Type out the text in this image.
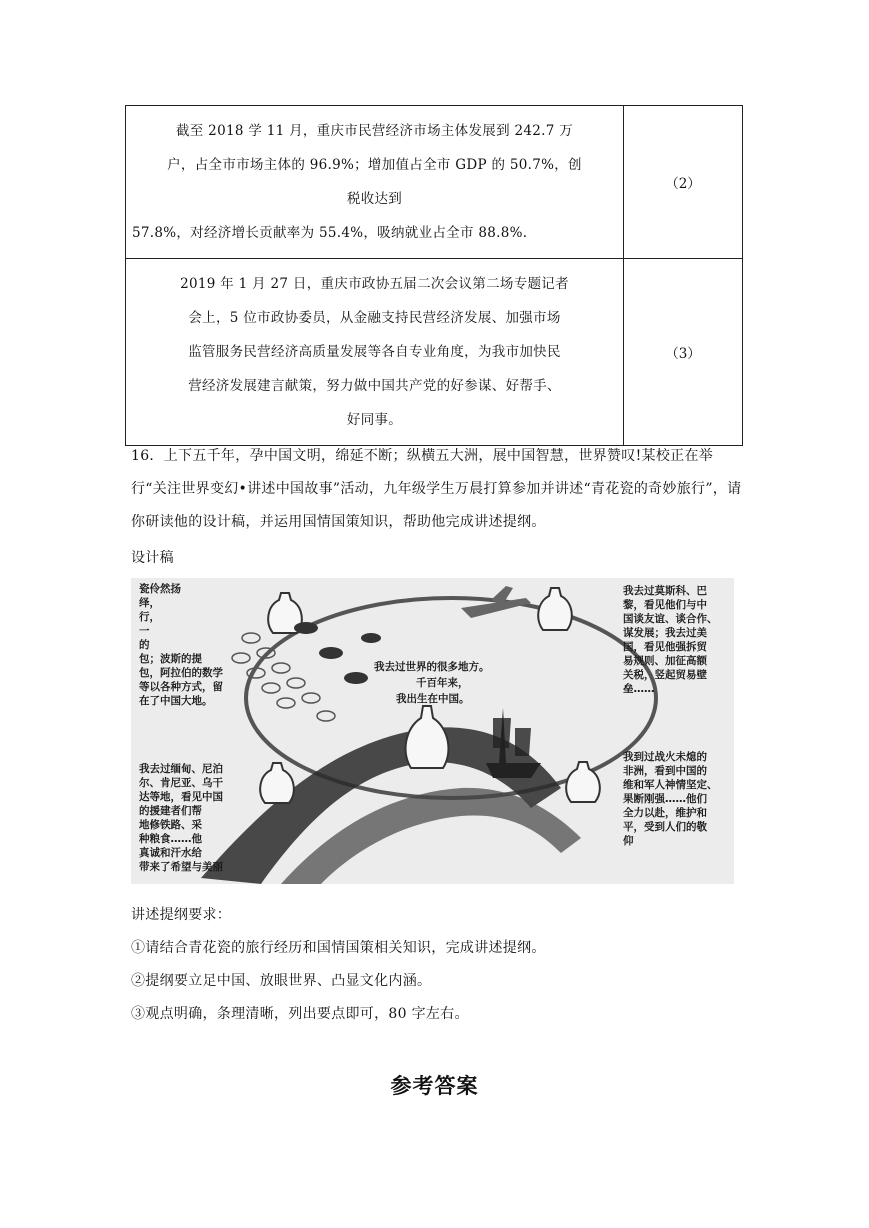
截至 2018 学 11 月，重庆市民营经济市场主体发展到 242.7 万
户，占全市市场主体的 96.9%；增加值占全市 GDP 的 50.7%，创
税收达到
57.8%，对经济增长贡献率为 55.4%，吸纳就业占全市 88.8%.	（2）
2019 年 1 月 27 日，重庆市政协五届二次会议第二场专题记者
会上，5 位市政协委员，从金融支持民营经济发展、加强市场
监管服务民营经济高质量发展等各自专业角度，为我市加快民
营经济发展建言献策，努力做中国共产党的好参谋、好帮手、
好同事。	（3）
16．上下五千年，孕中国文明，绵延不断；纵横五大洲，展中国智慧，世界赞叹!某校正在举行“关注世界变幻•讲述中国故事”活动，九年级学生万晨打算参加并讲述“青花瓷的奇妙旅行”，请你研读他的设计稿，并运用国情国策知识，帮助他完成讲述提纲。
设计稿
我去过世界的很多地方。
千百年来，
我出生在中国。
瓷伶然扬
绎，
行，
一
的
包；波斯的提
包，阿拉伯的数学
等以各种方式，留
在了中国大地。
我去过莫斯科、巴
黎，看见他们与中
国谈友谊、谈合作、
谋发展；我去过美
国，看见他强拆贸
易规则、加征高额
关税，竖起贸易壁
垒……
我去过缅甸、尼泊
尔、肯尼亚、乌干
达等地，看见中国
的援建者们帮
地修铁路、采
种粮食……他
真诚和汗水给
带来了希望与美丽
我到过战火未熄的
非洲，看到中国的
维和军人神情坚定、
果断刚强……他们
全力以赴，维护和
平，受到人们的敬
仰
讲述提纲要求：
①请结合青花瓷的旅行经历和国情国策相关知识，完成讲述提纲。
②提纲要立足中国、放眼世界、凸显文化内涵。
③观点明确，条理清晰，列出要点即可，80 字左右。
参考答案
